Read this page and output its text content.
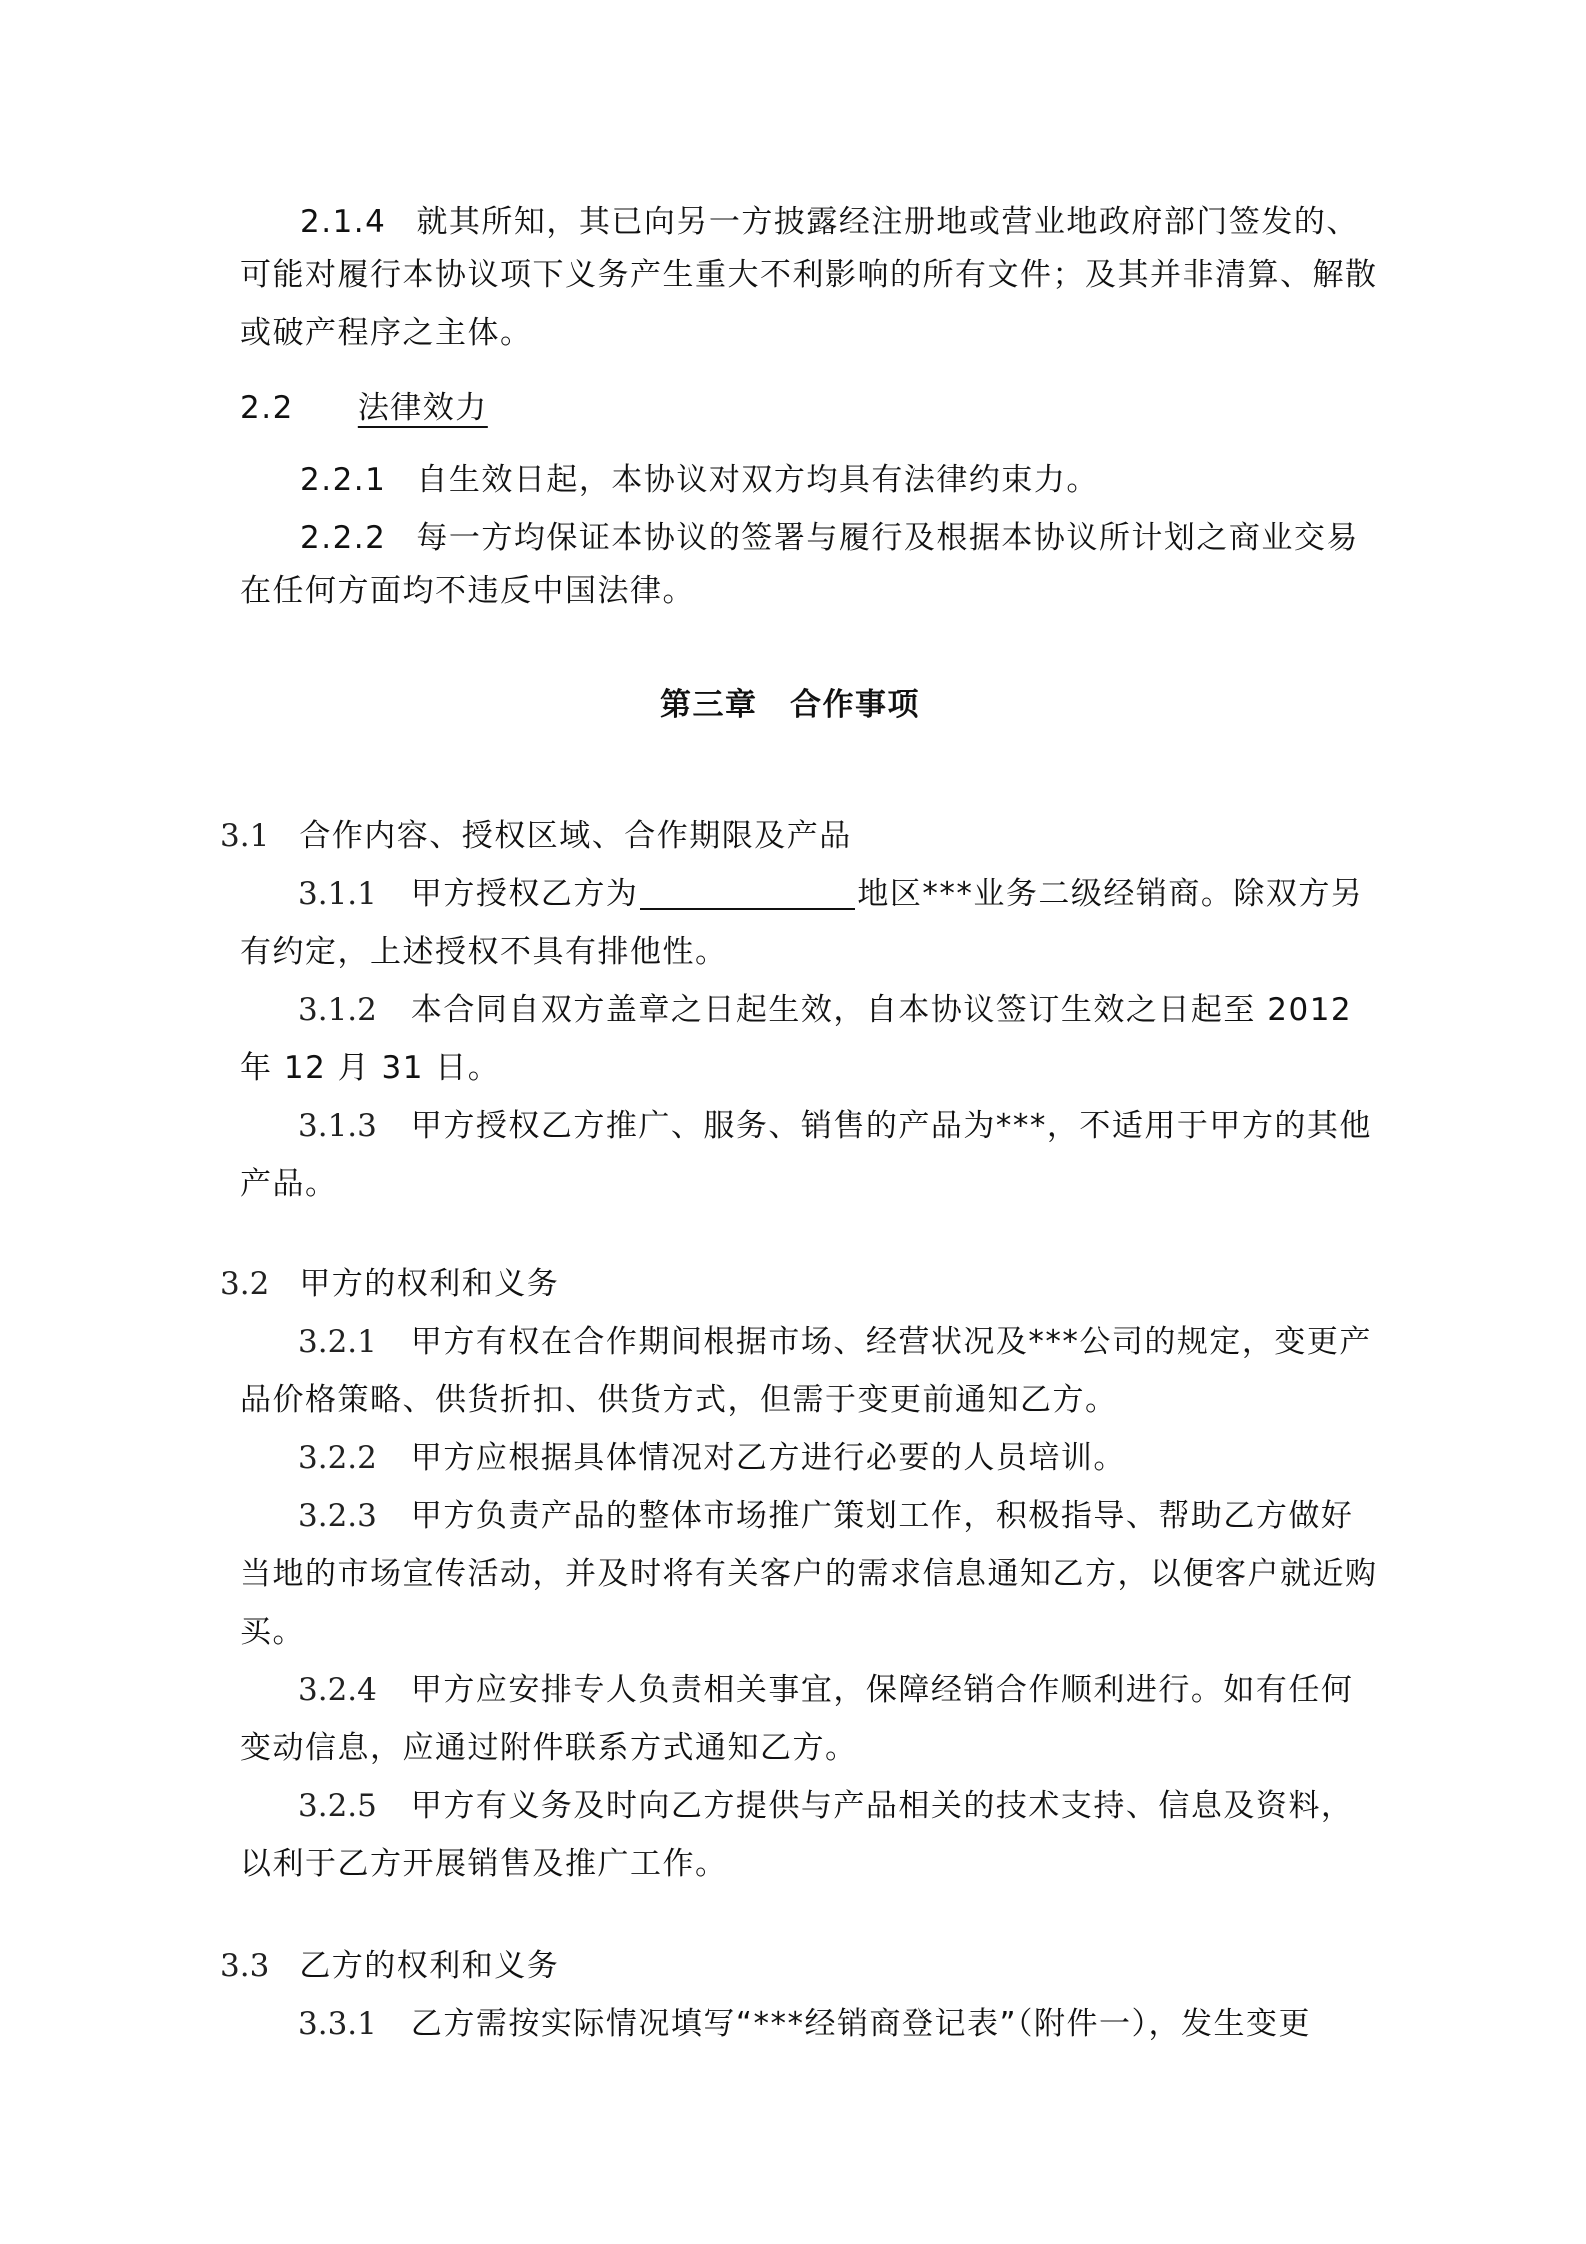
2.1.4 就其所知，其已向另一方披露经注册地或营业地政府部门签发的、
可能对履行本协议项下义务产生重大不利影响的所有文件；及其并非清算、解散
或破产程序之主体。
2.2 法律效力
2.2.1 自生效日起，本协议对双方均具有法律约束力。
2.2.2 每一方均保证本协议的签署与履行及根据本协议所计划之商业交易
在任何方面均不违反中国法律。
第三章　合作事项
3.1 合作内容、授权区域、合作期限及产品
3.1.1 甲方授权乙方为	地区***业务二级经销商。除双方另
有约定，上述授权不具有排他性。
3.1.2 本合同自双方盖章之日起生效，自本协议签订生效之日起至 2012
年 12 月 31 日。
3.1.3 甲方授权乙方推广、服务、销售的产品为***，不适用于甲方的其他
产品。
3.2 甲方的权利和义务
3.2.1 甲方有权在合作期间根据市场、经营状况及***公司的规定，变更产
品价格策略、供货折扣、供货方式，但需于变更前通知乙方。
3.2.2 甲方应根据具体情况对乙方进行必要的人员培训。
3.2.3 甲方负责产品的整体市场推广策划工作，积极指导、帮助乙方做好
当地的市场宣传活动，并及时将有关客户的需求信息通知乙方，以便客户就近购
买。
3.2.4 甲方应安排专人负责相关事宜，保障经销合作顺利进行。如有任何
变动信息，应通过附件联系方式通知乙方。
3.2.5 甲方有义务及时向乙方提供与产品相关的技术支持、信息及资料，
以利于乙方开展销售及推广工作。
3.3 乙方的权利和义务
3.3.1 乙方需按实际情况填写“***经销商登记表”（附件一），发生变更
